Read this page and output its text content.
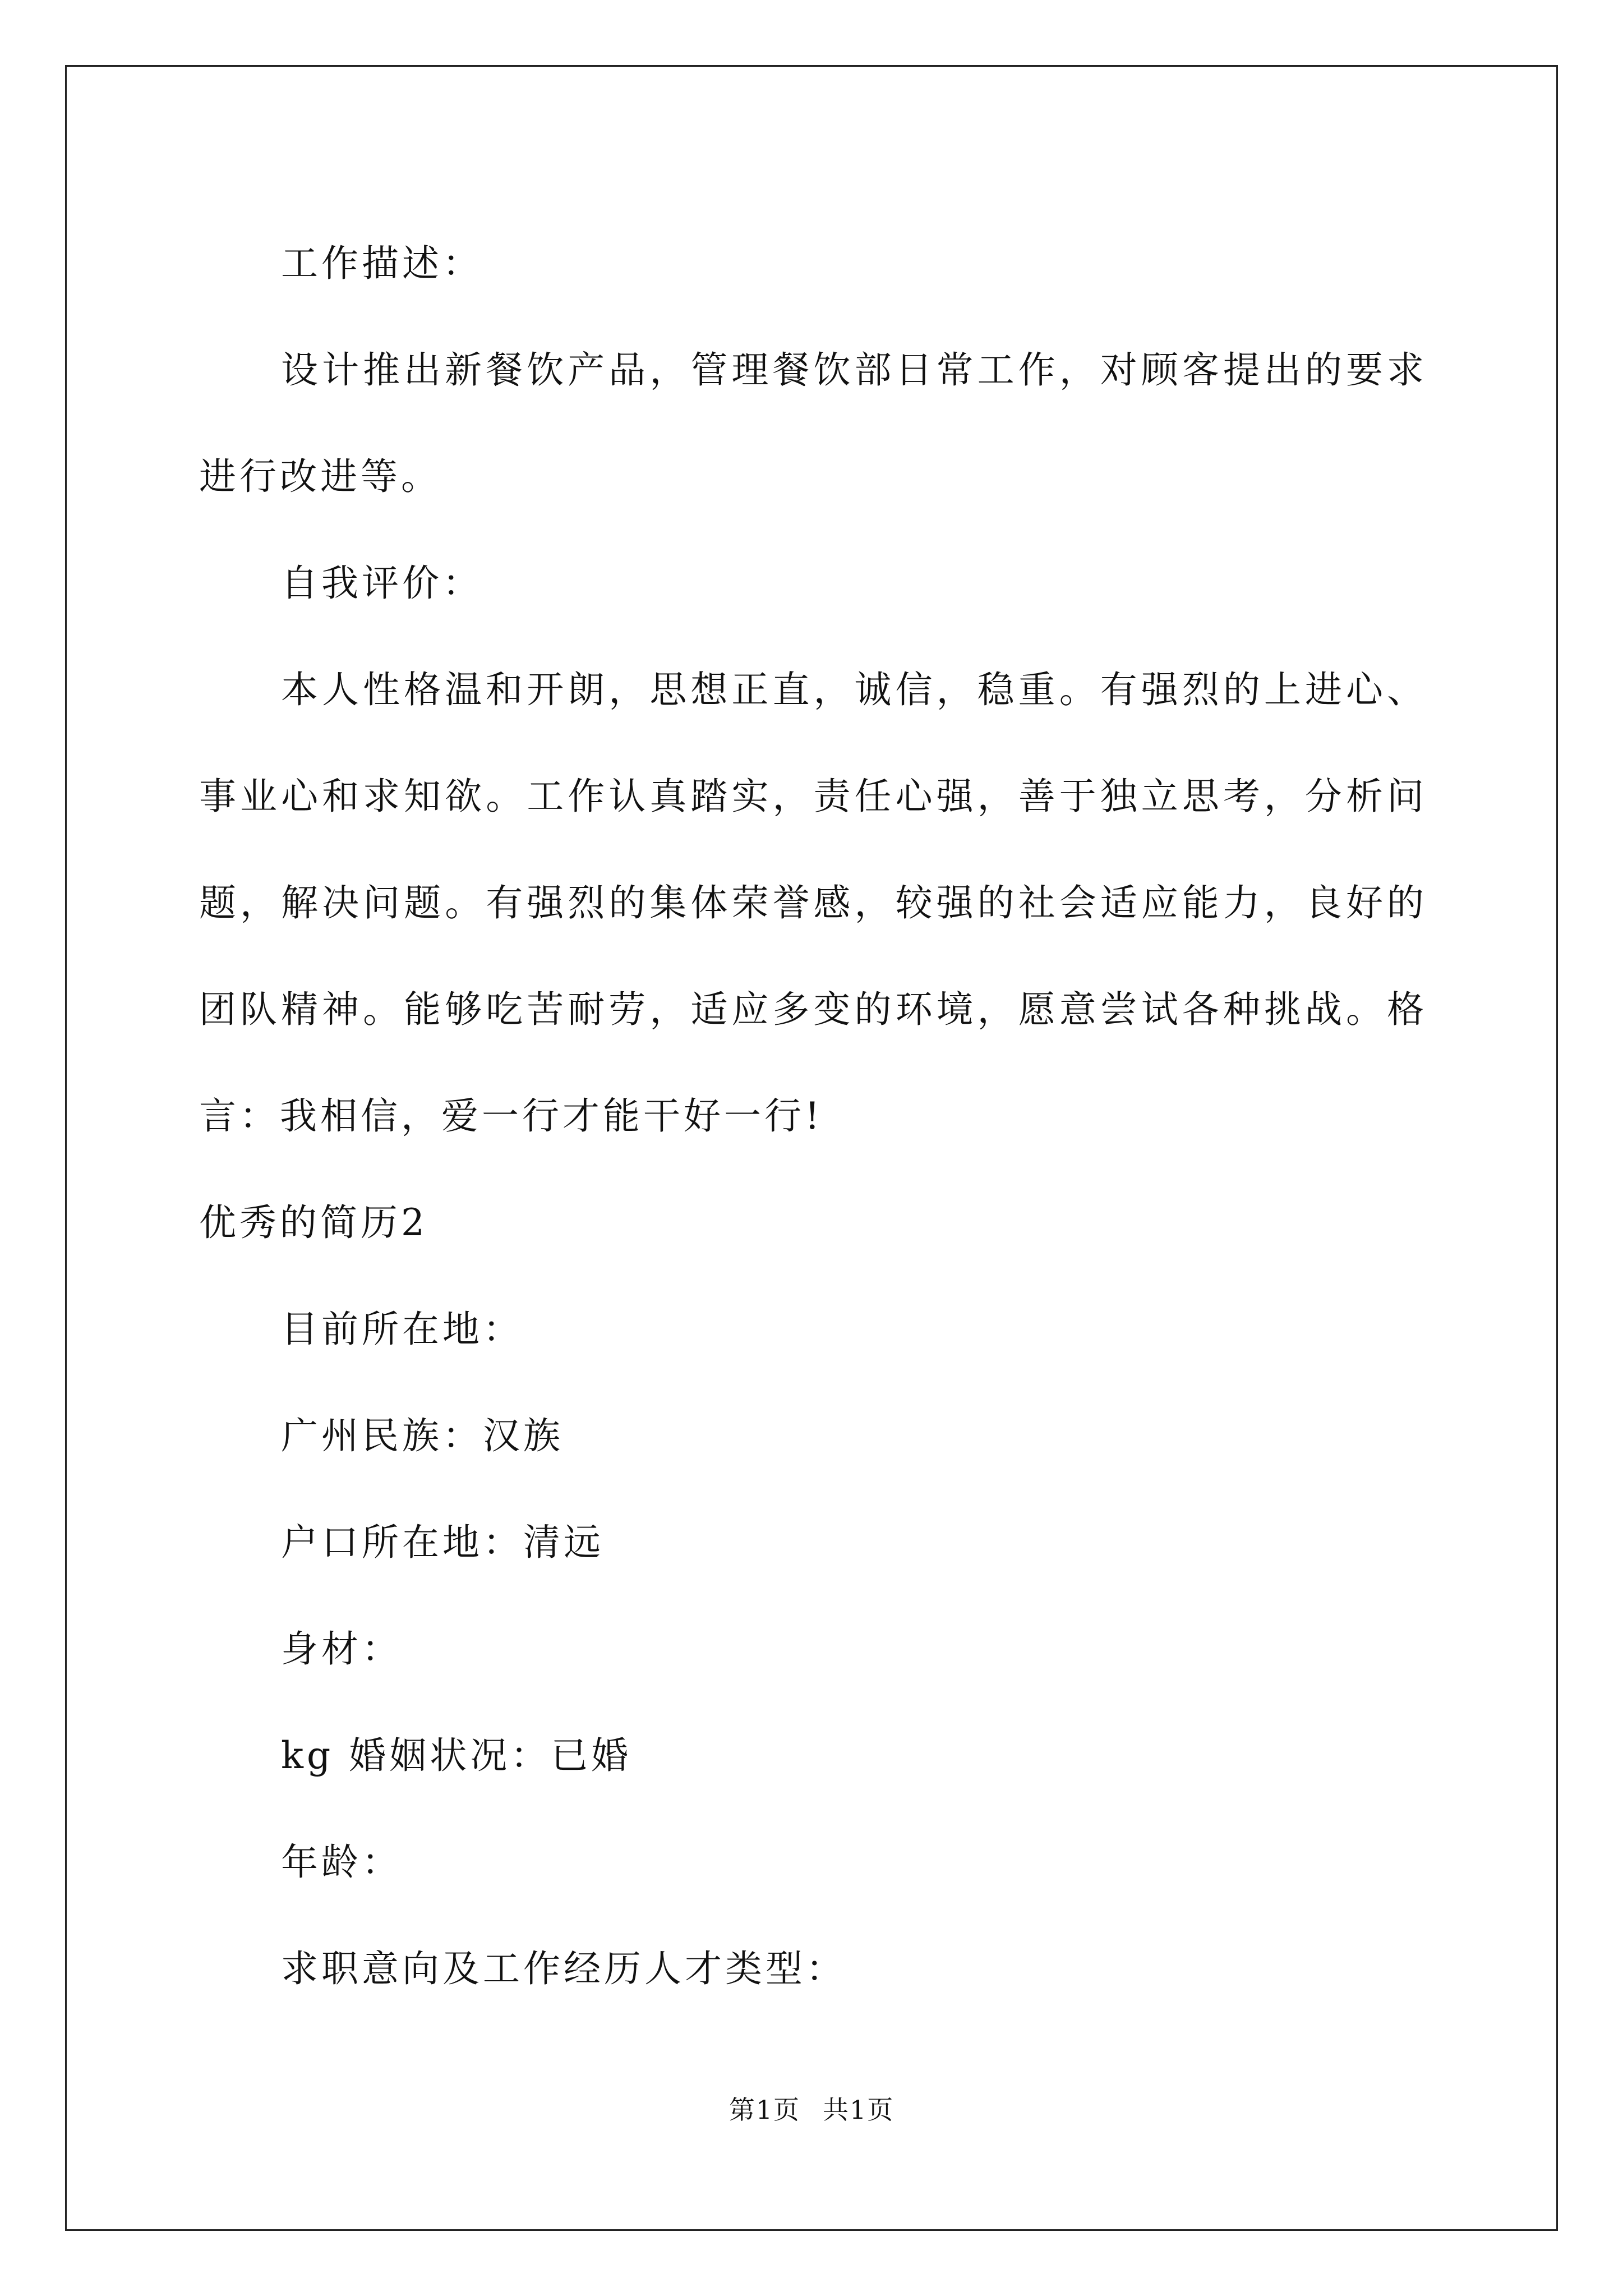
工作描述：

设计推出新餐饮产品，管理餐饮部日常工作，对顾客提出的要求进行改进等。

自我评价：

本人性格温和开朗，思想正直，诚信，稳重。有强烈的上进心、事业心和求知欲。工作认真踏实，责任心强，善于独立思考，分析问题，解决问题。有强烈的集体荣誉感，较强的社会适应能力，良好的团队精神。能够吃苦耐劳，适应多变的环境，愿意尝试各种挑战。格言：我相信，爱一行才能干好一行!

优秀的简历2

目前所在地：

广州民族：汉族

户口所在地：清远

身材：

kg 婚姻状况：已婚

年龄：

求职意向及工作经历人才类型：

第1页 共1页
